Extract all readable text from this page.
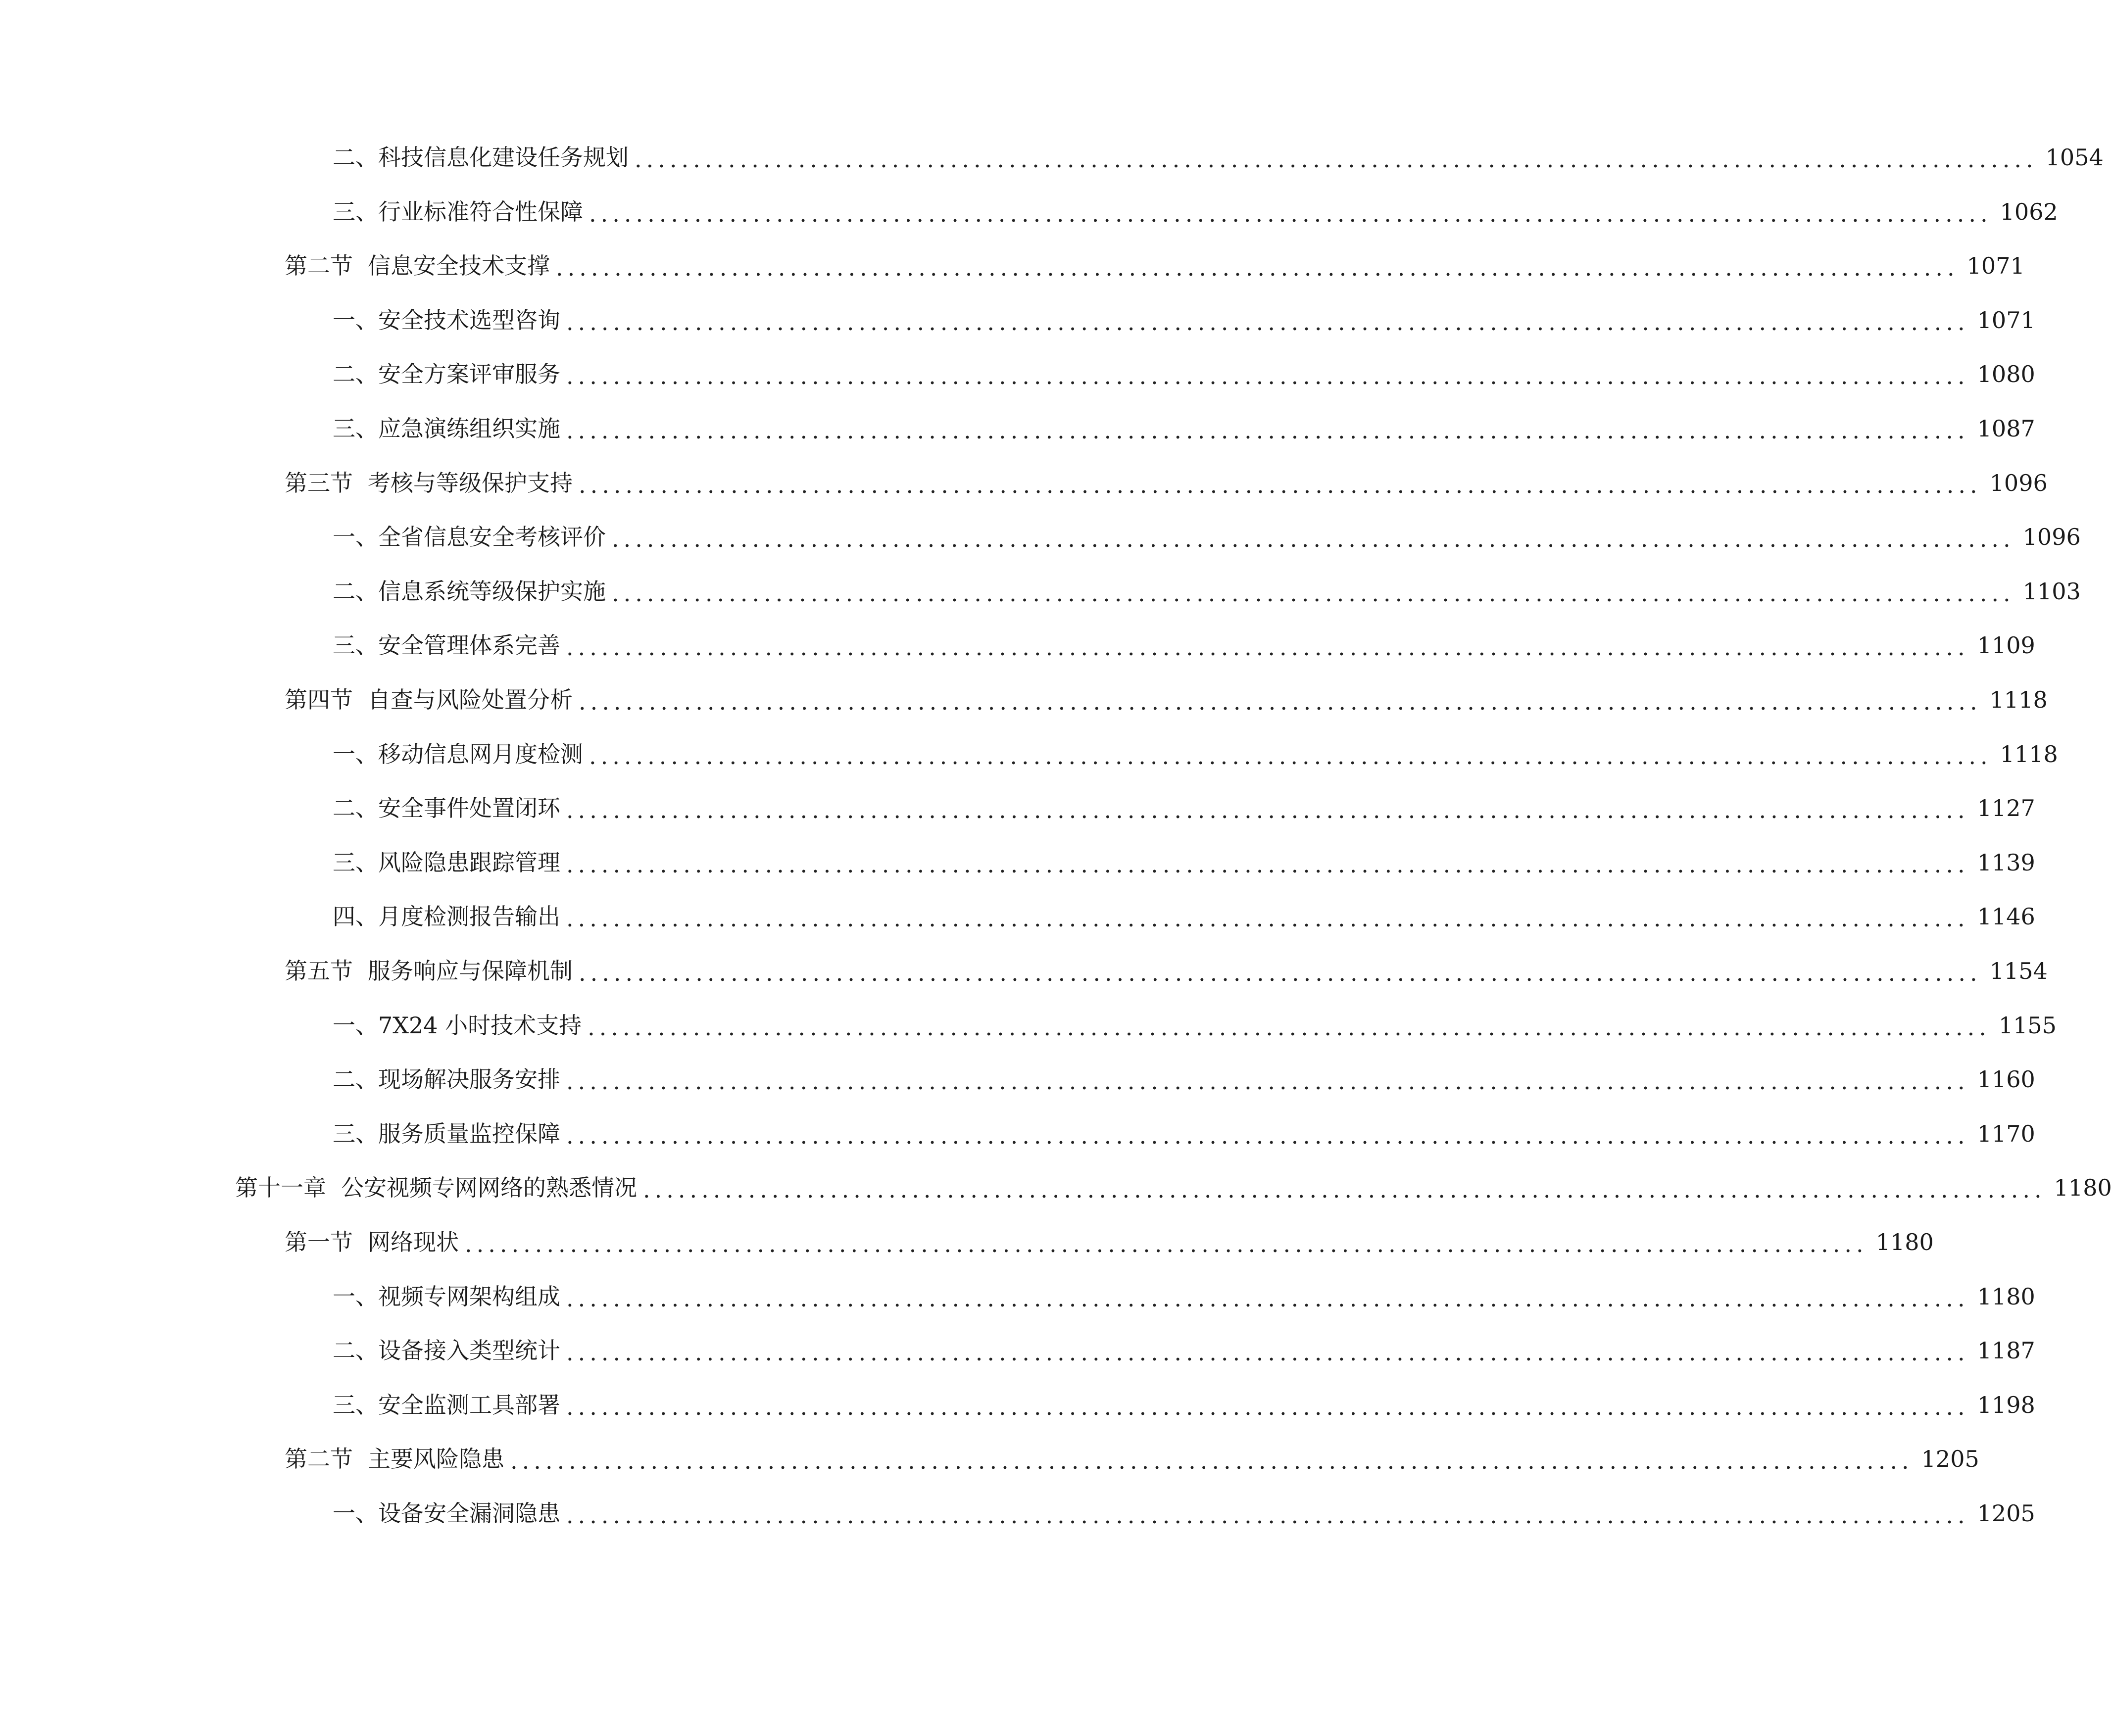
二、 科技信息化建设任务规划 ........................................................................................................................ 1054
三、 行业标准符合性保障 ........................................................................................................................ 1062
第二节 信息安全技术支撑 ........................................................................................................................ 1071
一、 安全技术选型咨询 ........................................................................................................................ 1071
二、 安全方案评审服务 ........................................................................................................................ 1080
三、 应急演练组织实施 ........................................................................................................................ 1087
第三节 考核与等级保护支持 ........................................................................................................................ 1096
一、 全省信息安全考核评价 ........................................................................................................................ 1096
二、 信息系统等级保护实施 ........................................................................................................................ 1103
三、 安全管理体系完善 ........................................................................................................................ 1109
第四节 自查与风险处置分析 ........................................................................................................................ 1118
一、 移动信息网月度检测 ........................................................................................................................ 1118
二、 安全事件处置闭环 ........................................................................................................................ 1127
三、 风险隐患跟踪管理 ........................................................................................................................ 1139
四、 月度检测报告输出 ........................................................................................................................ 1146
第五节 服务响应与保障机制 ........................................................................................................................ 1154
一、 7X24 小时技术支持 ........................................................................................................................ 1155
二、 现场解决服务安排 ........................................................................................................................ 1160
三、 服务质量监控保障 ........................................................................................................................ 1170
第十一章 公安视频专网网络的熟悉情况 ........................................................................................................................ 1180
第一节 网络现状 ........................................................................................................................ 1180
一、 视频专网架构组成 ........................................................................................................................ 1180
二、 设备接入类型统计 ........................................................................................................................ 1187
三、 安全监测工具部署 ........................................................................................................................ 1198
第二节 主要风险隐患 ........................................................................................................................ 1205
一、 设备安全漏洞隐患 ........................................................................................................................ 1205
